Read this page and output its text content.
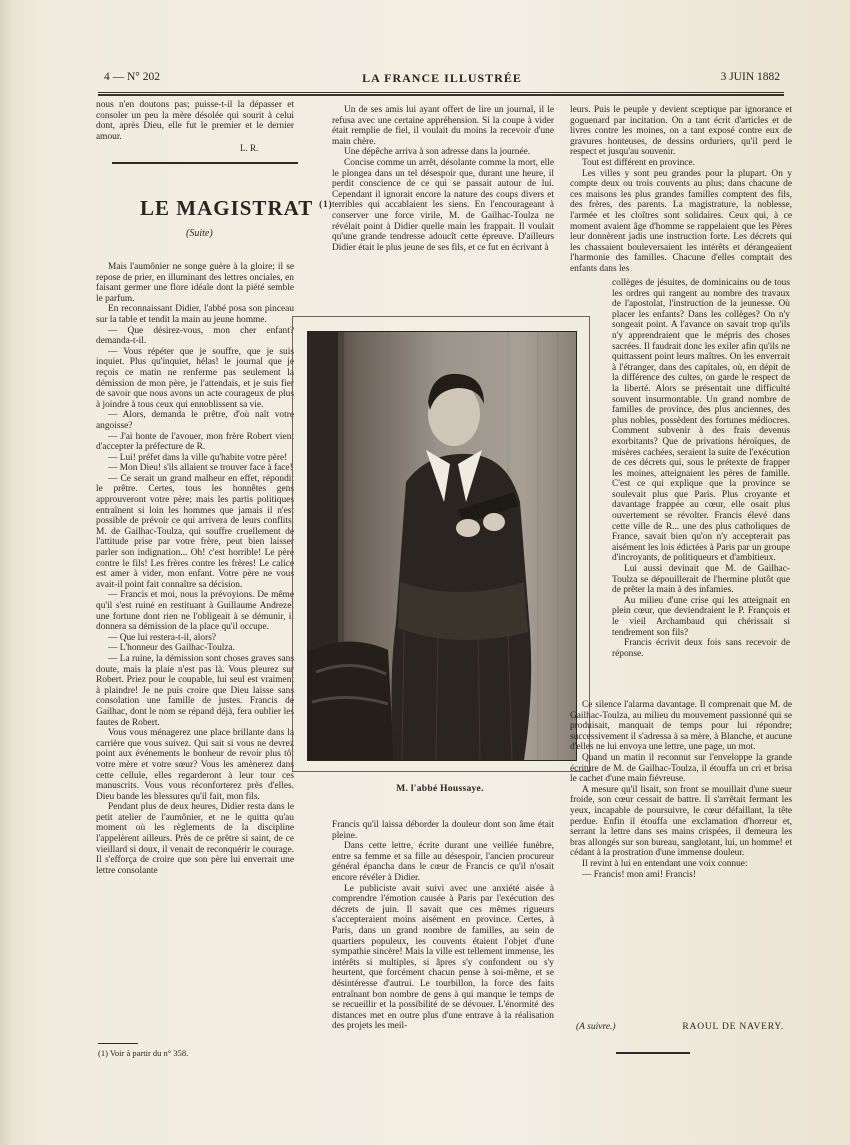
4 — N° 202	LA FRANCE ILLUSTRÉE	3 JUIN 1882

nous n'en doutons pas; puisse-t-il la dépasser et consoler un peu la mère désolée qui sourit à celui dont, après Dieu, elle fut le premier et le dernier amour.

L. R.
LE MAGISTRAT $^{(1)}$
(Suite)

Mais l'aumônier ne songe guère à la gloire; il se repose de prier, en illuminant des lettres onciales, en faisant germer une flore idéale dont la piété semble le parfum.

En reconnaissant Didier, l'abbé posa son pinceau sur la table et tendit la main au jeune homme.

— Que désirez-vous, mon cher enfant? demanda-t-il.

— Vous répéter que je souffre, que je suis inquiet. Plus qu'inquiet, hélas! le journal que je reçois ce matin ne renferme pas seulement la démission de mon père, je l'attendais, et je suis fier de savoir que nous avons un acte courageux de plus à joindre à tous ceux qui ennoblissent sa vie.

— Alors, demanda le prêtre, d'où naît votre angoisse?

— J'ai honte de l'avouer, mon frère Robert vient d'accepter la préfecture de R.

— Lui! préfet dans la ville qu'habite votre père!

— Mon Dieu! s'ils allaient se trouver face à face!

— Ce serait un grand malheur en effet, répondit le prêtre. Certes, tous les honnêtes gens approuveront votre père; mais les partis politiques entraînent si loin les hommes que jamais il n'est possible de prévoir ce qui arrivera de leurs conflits. M. de Gailhac-Toulza, qui souffre cruellement de l'attitude prise par votre frère, peut bien laisser parler son indignation... Oh! c'est horrible! Le père contre le fils! Les frères contre les frères! Le calice est amer à vider, mon enfant. Votre père ne vous avait-il point fait connaître sa décision.

— Francis et moi, nous la prévoyions. De même qu'il s'est ruiné en restituant à Guillaume Andrezel une fortune dont rien ne l'obligeait à se démunir, il donnera sa démission de la place qu'il occupe.

— Que lui restera-t-il, alors?

— L'honneur des Gailhac-Toulza.

— La ruine, la démission sont choses graves sans doute, mais la plaie n'est pas là. Vous pleurez sur Robert. Priez pour le coupable, lui seul est vraiment à plaindre! Je ne puis croire que Dieu laisse sans consolation une famille de justes. Francis de Gailhac, dont le nom se répand déjà, fera oublier les fautes de Robert.

Vous vous ménagerez une place brillante dans la carrière que vous suivez. Qui sait si vous ne devrez point aux événements le bonheur de revoir plus tôt votre mère et votre sœur? Vous les amènerez dans cette cellule, elles regarderont à leur tour ces manuscrits. Vous vous réconforterez près d'elles. Dieu bande les blessures qu'il fait, mon fils.

Pendant plus de deux heures, Didier resta dans le petit atelier de l'aumônier, et ne le quitta qu'au moment où les règlements de la discipline l'appelèrent ailleurs. Près de ce prêtre si saint, de ce vieillard si doux, il venait de reconquérir le courage. Il s'efforça de croire que son père lui enverrait une lettre consolante

(1) Voir à partir du n° 358.

Un de ses amis lui ayant offert de lire un journal, il le refusa avec une certaine appréhension. Si la coupe à vider était remplie de fiel, il voulait du moins la recevoir d'une main chère.

Une dépêche arriva à son adresse dans la journée.

Concise comme un arrêt, désolante comme la mort, elle le plongea dans un tel désespoir que, durant une heure, il perdit conscience de ce qui se passait autour de lui. Cependant il ignorait encore la nature des coups divers et terribles qui accablaient les siens. En l'encourageant à conserver une force virile, M. de Gailhac-Toulza ne révélait point à Didier quelle main les frappait. Il voulait qu'une grande tendresse adoucît cette épreuve. D'ailleurs Didier était le plus jeune de ses fils, et ce fut en écrivant à

leurs. Puis le peuple y devient sceptique par ignorance et goguenard par incitation. On a tant écrit d'articles et de livres contre les moines, on a tant exposé contre eux de gravures honteuses, de dessins orduriers, qu'il perd le respect et jusqu'au souvenir.

Tout est différent en province.

Les villes y sont peu grandes pour la plupart. On y compte deux ou trois couvents au plus; dans chacune de ces maisons les plus grandes familles comptent des fils, des frères, des parents. La magistrature, la noblesse, l'armée et les cloîtres sont solidaires. Ceux qui, à ce moment avaient âge d'homme se rappelaient que les Pères leur donnèrent jadis une instruction forte. Les décrets qui les chassaient bouleversaient les intérêts et dérangeaient l'harmonie des familles. Chacune d'elles comptait des enfants dans les

M. l'abbé Houssaye.

collèges de jésuites, de dominicains ou de tous les ordres qui rangent au nombre des travaux de l'apostolat, l'instruction de la jeunesse. Où placer les enfants? Dans les collèges? On n'y songeait point. A l'avance on savait trop qu'ils n'y apprendraient que le mépris des choses sacrées. Il faudrait donc les exiler afin qu'ils ne quittassent point leurs maîtres. On les enverrait à l'étranger, dans des capitales, où, en dépit de la différence des cultes, on garde le respect de la liberté. Alors se présentait une difficulté souvent insurmontable. Un grand nombre de familles de province, des plus anciennes, des plus nobles, possèdent des fortunes médiocres. Comment subvenir à des frais devenus exorbitants? Que de privations héroïques, de misères cachées, seraient la suite de l'exécution de ces décrets qui, sous le prétexte de frapper les moines, atteignaient les pères de famille. C'est ce qui explique que la province se soulevait plus que Paris. Plus croyante et davantage frappée au cœur, elle osait plus ouvertement se révolter. Francis élevé dans cette ville de R... une des plus catholiques de France, savait bien qu'on n'y accepterait pas aisément les lois édictées à Paris par un groupe d'incroyants, de politiqueurs et d'ambitieux.

Lui aussi devinait que M. de Gailhac-Toulza se dépouillerait de l'hermine plutôt que de prêter la main à des infamies.

Au milieu d'une crise qui les atteignait en plein cœur, que deviendraient le P. François et le vieil Archambaud qui chérissait si tendrement son fils?

Francis écrivit deux fois sans recevoir de réponse.

Francis qu'il laissa déborder la douleur dont son âme était pleine.

Dans cette lettre, écrite durant une veillée funèbre, entre sa femme et sa fille au désespoir, l'ancien procureur général épancha dans le cœur de Francis ce qu'il n'osait encore révéler à Didier.

Le publiciste avait suivi avec une anxiété aisée à comprendre l'émotion causée à Paris par l'exécution des décrets de juin. Il savait que ces mêmes rigueurs s'accepteraient moins aisément en province. Certes, à Paris, dans un grand nombre de familles, au sein de quartiers populeux, les couvents étaient l'objet d'une sympathie sincère! Mais la ville est tellement immense, les intérêts si multiples, si âpres s'y confondent ou s'y heurtent, que forcément chacun pense à soi-même, et se désintéresse d'autrui. Le tourbillon, la force des faits entraînant bon nombre de gens à qui manque le temps de se recueillir et la possibilité de se dévouer. L'énormité des distances met en outre plus d'une entrave à la réalisation des projets les meil-

Ce silence l'alarma davantage. Il comprenait que M. de Gailhac-Toulza, au milieu du mouvement passionné qui se produisait, manquait de temps pour lui répondre; successivement il s'adressa à sa mère, à Blanche, et aucune d'elles ne lui envoya une lettre, une page, un mot.

Quand un matin il reconnut sur l'enveloppe la grande écriture de M. de Gailhac-Toulza, il étouffa un cri et brisa le cachet d'une main fiévreuse.

A mesure qu'il lisait, son front se mouillait d'une sueur froide, son cœur cessait de battre. Il s'arrêtait fermant les yeux, incapable de poursuivre, le cœur défaillant, la tête perdue. Enfin il étouffa une exclamation d'horreur et, serrant la lettre dans ses mains crispées, il demeura les bras allongés sur son bureau, sanglotant, lui, un homme! et cédant à la prostration d'une immense douleur.

Il revint à lui en entendant une voix connue:

— Francis! mon ami! Francis!

(A suivre.)	RAOUL DE NAVERY.
